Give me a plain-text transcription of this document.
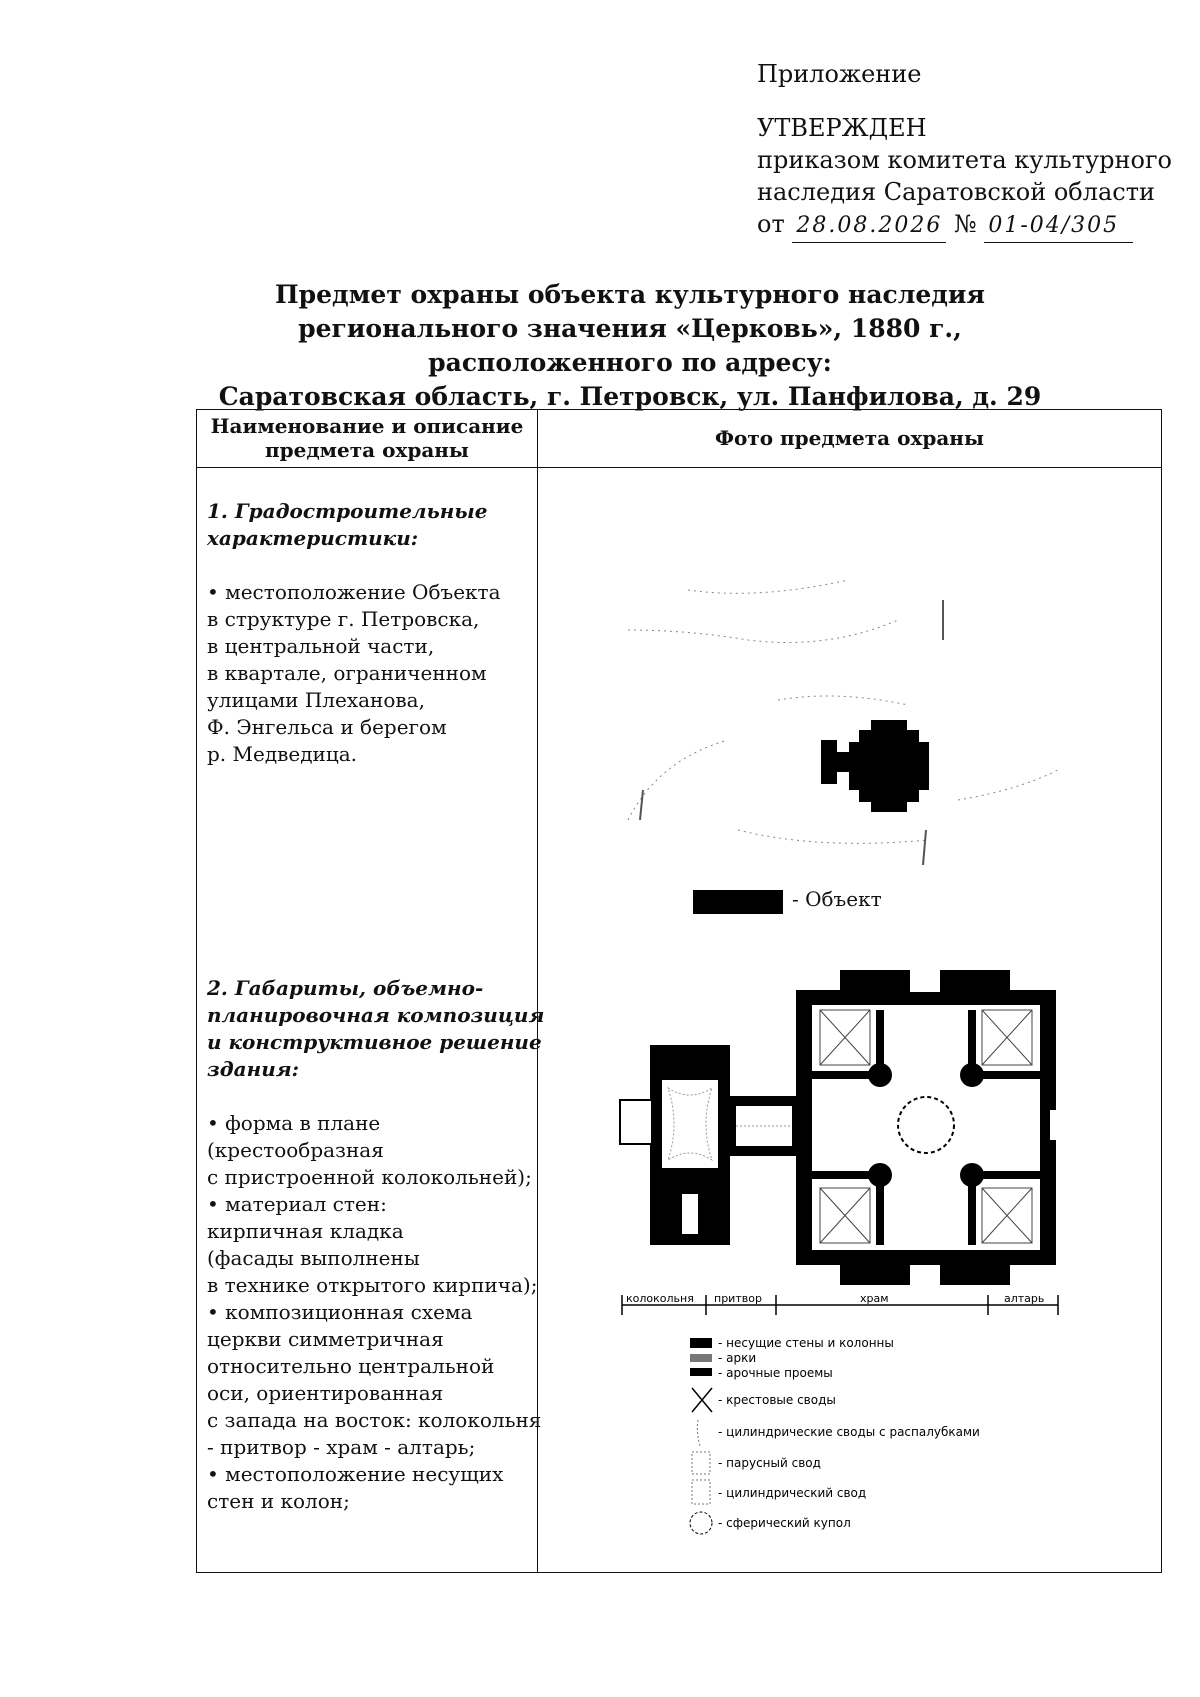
Приложение
УТВЕРЖДЕН
приказом комитета культурного
наследия Саратовской области
от 28.08.2026 № 01-04/305
Предмет охраны объекта культурного наследия
регионального значения «Церковь», 1880 г., расположенного по адресу:
Саратовская область, г. Петровск, ул. Панфилова, д. 29
Наименование и описание
предмета охраны	Фото предмета охраны

1. Градостроительные
характеристики:

• местоположение Объекта
в структуре г. Петровска,
в центральной части,
в квартале, ограниченном
улицами Плеханова,
Ф. Энгельса и берегом
р. Медведица.

2. Габариты, объемно-
планировочная композиция
и конструктивное решение
здания:

• форма в плане
(крестообразная
с пристроенной колокольней);
• материал стен:
кирпичная кладка
(фасады выполнены
в технике открытого кирпича);
• композиционная схема
церкви симметричная
относительно центральной
оси, ориентированная
с запада на восток: колокольня
- притвор - храм - алтарь;
• местоположение несущих
стен и колон;

- Объект
колокольня притвор	храм	алтарь
- несущие стены и колонны
- арки
- арочные проемы
- крестовые своды
- цилиндрические своды с распалубками
- парусный свод
- цилиндрический свод
- сферический купол
